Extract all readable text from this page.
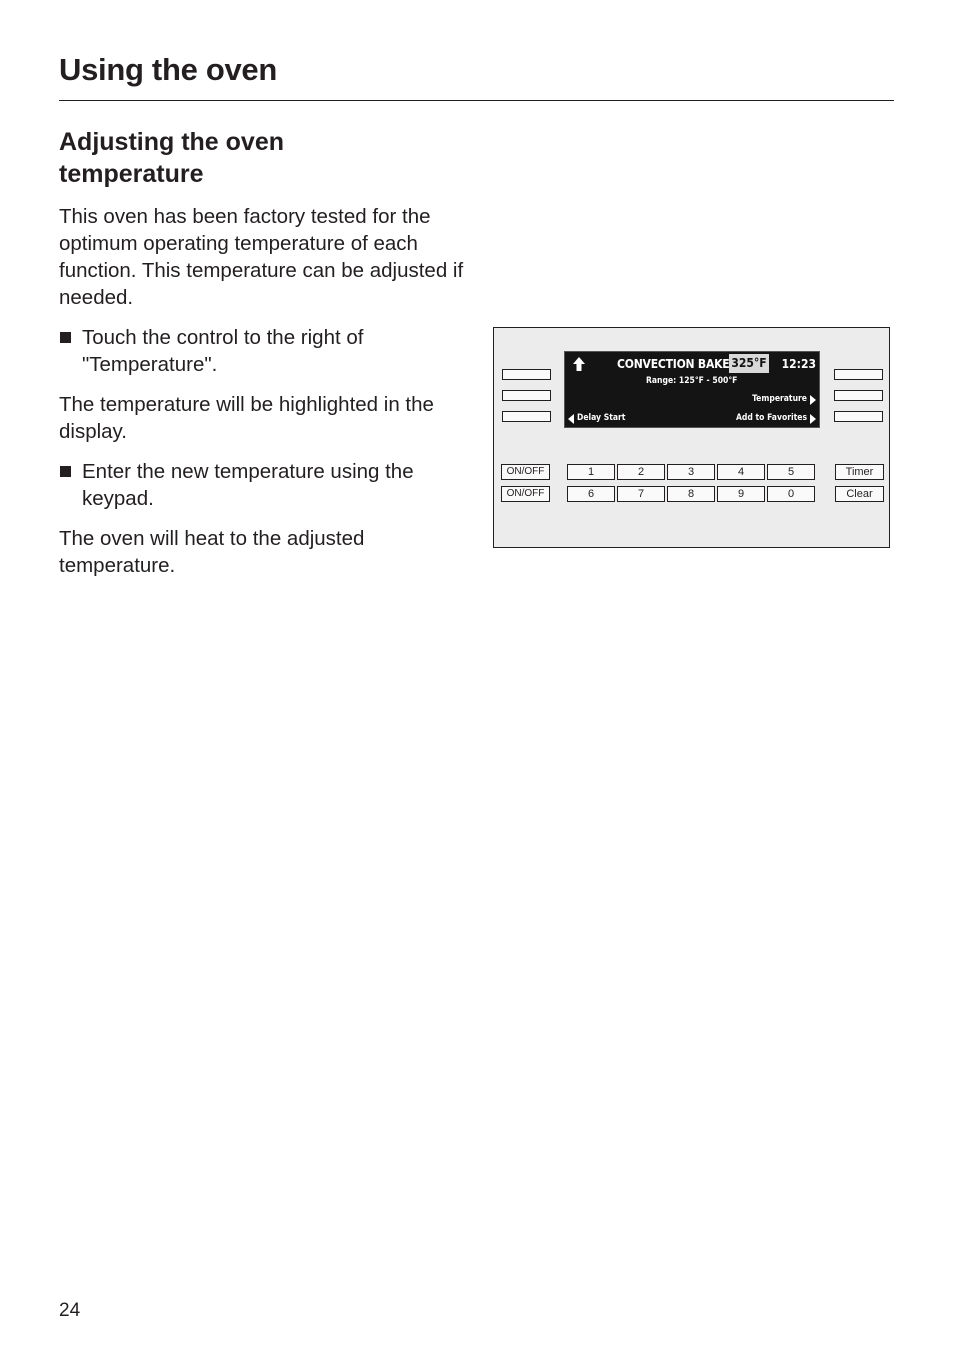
Using the oven
Adjusting the oven temperature

This oven has been factory tested for the optimum operating temperature of each function. This temperature can be adjusted if needed.

Touch the control to the right of "Temperature".

The temperature will be highlighted in the display.

Enter the new temperature using the keypad.

The oven will heat to the adjusted temperature.

CONVECTION BAKE 325°F 12:23
Range: 125°F - 500°F
Temperature
Delay Start	Add to Favorites
ON/OFF
ON/OFF
1	2	3	4	5
6	7	8	9	0
Timer
Clear
24
